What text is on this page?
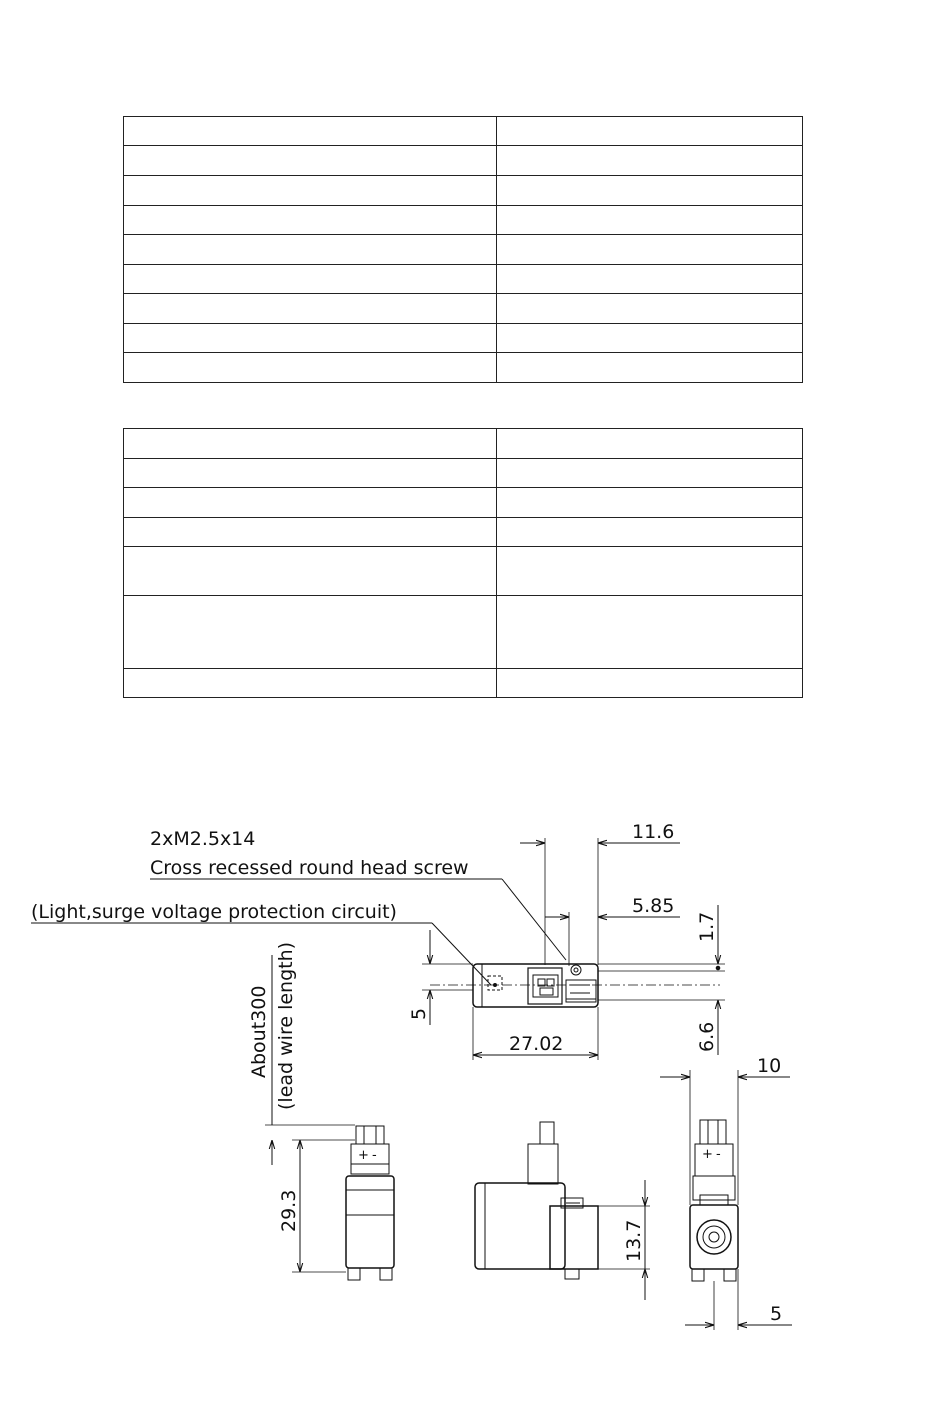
2xM2.5x14
Cross recessed round head screw
(Light,surge voltage protection circuit)
11.6
5.85
1.7
6.6
5
27.02
About300 (lead wire length)
+ -
29.3
13.7
+ -
10
5
